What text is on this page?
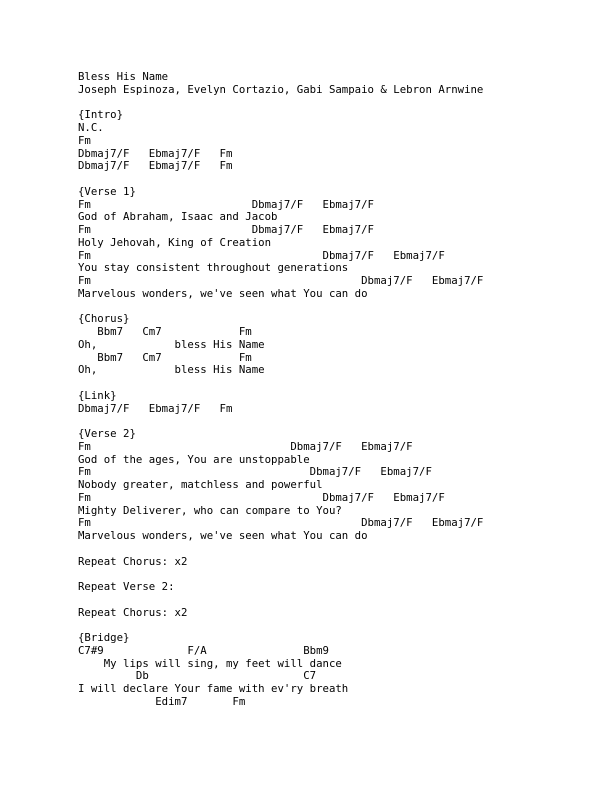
Bless His Name
Joseph Espinoza, Evelyn Cortazio, Gabi Sampaio & Lebron Arnwine
{Intro}
N.C.
Fm
Dbmaj7/F   Ebmaj7/F   Fm
Dbmaj7/F   Ebmaj7/F   Fm
{Verse 1}
Fm                         Dbmaj7/F   Ebmaj7/F
God of Abraham, Isaac and Jacob
Fm                         Dbmaj7/F   Ebmaj7/F
Holy Jehovah, King of Creation
Fm                                    Dbmaj7/F   Ebmaj7/F
You stay consistent throughout generations
Fm                                          Dbmaj7/F   Ebmaj7/F
Marvelous wonders, we've seen what You can do
{Chorus}
Bbm7   Cm7            Fm
Oh,            bless His Name
Bbm7   Cm7            Fm
Oh,            bless His Name
{Link}
Dbmaj7/F   Ebmaj7/F   Fm
{Verse 2}
Fm                               Dbmaj7/F   Ebmaj7/F
God of the ages, You are unstoppable
Fm                                  Dbmaj7/F   Ebmaj7/F
Nobody greater, matchless and powerful
Fm                                    Dbmaj7/F   Ebmaj7/F
Mighty Deliverer, who can compare to You?
Fm                                          Dbmaj7/F   Ebmaj7/F
Marvelous wonders, we've seen what You can do
Repeat Chorus: x2
Repeat Verse 2:
Repeat Chorus: x2
{Bridge}
C7#9             F/A               Bbm9
My lips will sing, my feet will dance
Db                        C7
I will declare Your fame with ev'ry breath
Edim7       Fm
